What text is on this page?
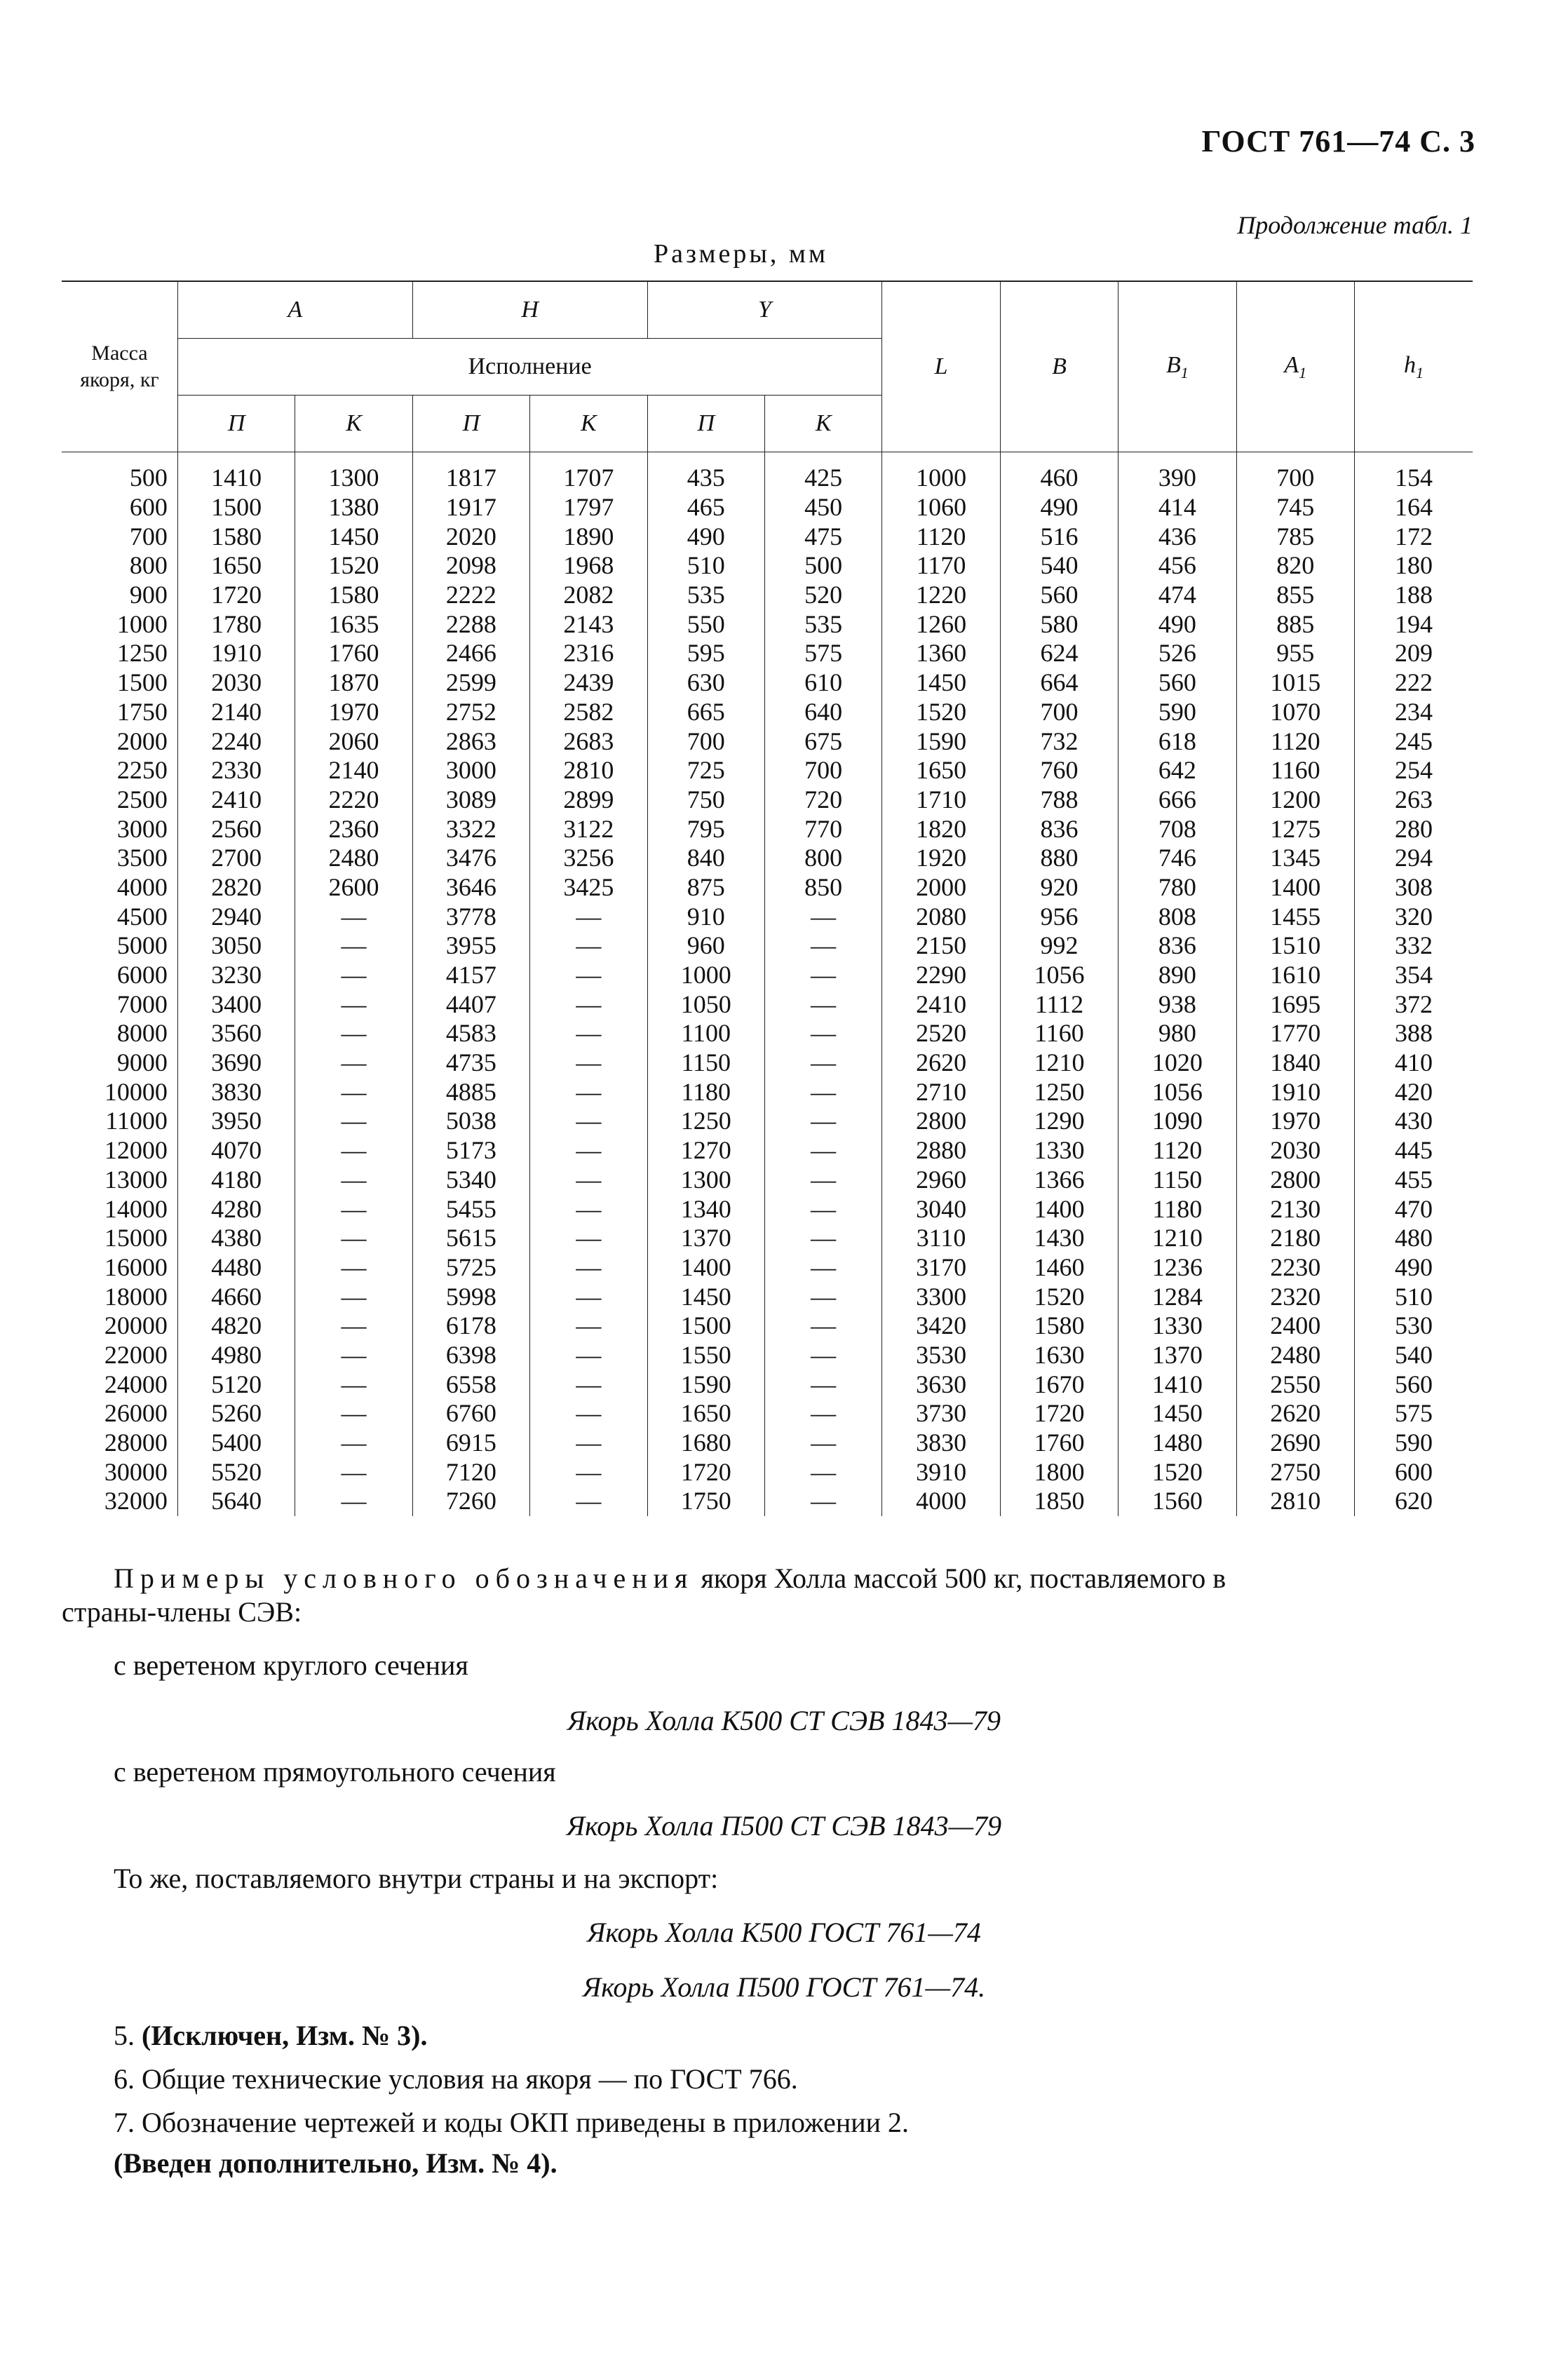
ГОСТ 761—74 С. 3
Продолжение табл. 1
Размеры, мм
Масса якоря, кг	A		H		Y		L	B	$B_1$	$A_1$	$h_1$
	Исполнение										
	П	К	П	К	П	К					

500	1410	1300	1817	1707	435	425	1000	460	390	700	154
600	1500	1380	1917	1797	465	450	1060	490	414	745	164
700	1580	1450	2020	1890	490	475	1120	516	436	785	172
800	1650	1520	2098	1968	510	500	1170	540	456	820	180
900	1720	1580	2222	2082	535	520	1220	560	474	855	188
1000	1780	1635	2288	2143	550	535	1260	580	490	885	194
1250	1910	1760	2466	2316	595	575	1360	624	526	955	209
1500	2030	1870	2599	2439	630	610	1450	664	560	1015	222
1750	2140	1970	2752	2582	665	640	1520	700	590	1070	234
2000	2240	2060	2863	2683	700	675	1590	732	618	1120	245
2250	2330	2140	3000	2810	725	700	1650	760	642	1160	254
2500	2410	2220	3089	2899	750	720	1710	788	666	1200	263
3000	2560	2360	3322	3122	795	770	1820	836	708	1275	280
3500	2700	2480	3476	3256	840	800	1920	880	746	1345	294
4000	2820	2600	3646	3425	875	850	2000	920	780	1400	308
4500	2940	—	3778	—	910	—	2080	956	808	1455	320
5000	3050	—	3955	—	960	—	2150	992	836	1510	332
6000	3230	—	4157	—	1000	—	2290	1056	890	1610	354
7000	3400	—	4407	—	1050	—	2410	1112	938	1695	372
8000	3560	—	4583	—	1100	—	2520	1160	980	1770	388
9000	3690	—	4735	—	1150	—	2620	1210	1020	1840	410
10000	3830	—	4885	—	1180	—	2710	1250	1056	1910	420
11000	3950	—	5038	—	1250	—	2800	1290	1090	1970	430
12000	4070	—	5173	—	1270	—	2880	1330	1120	2030	445
13000	4180	—	5340	—	1300	—	2960	1366	1150	2800	455
14000	4280	—	5455	—	1340	—	3040	1400	1180	2130	470
15000	4380	—	5615	—	1370	—	3110	1430	1210	2180	480
16000	4480	—	5725	—	1400	—	3170	1460	1236	2230	490
18000	4660	—	5998	—	1450	—	3300	1520	1284	2320	510
20000	4820	—	6178	—	1500	—	3420	1580	1330	2400	530
22000	4980	—	6398	—	1550	—	3530	1630	1370	2480	540
24000	5120	—	6558	—	1590	—	3630	1670	1410	2550	560
26000	5260	—	6760	—	1650	—	3730	1720	1450	2620	575
28000	5400	—	6915	—	1680	—	3830	1760	1480	2690	590
30000	5520	—	7120	—	1720	—	3910	1800	1520	2750	600
32000	5640	—	7260	—	1750	—	4000	1850	1560	2810	620
Примеры условного обозначения якоря Холла массой 500 кг, поставляемого в
страны-члены СЭВ:
с веретеном круглого сечения
Якорь Холла К500 СТ СЭВ 1843—79
с веретеном прямоугольного сечения
Якорь Холла П500 СТ СЭВ 1843—79
То же, поставляемого внутри страны и на экспорт:
Якорь Холла К500 ГОСТ 761—74
Якорь Холла П500 ГОСТ 761—74.
5. (Исключен, Изм. № 3).
6. Общие технические условия на якоря — по ГОСТ 766.
7. Обозначение чертежей и коды ОКП приведены в приложении 2.
(Введен дополнительно, Изм. № 4).
